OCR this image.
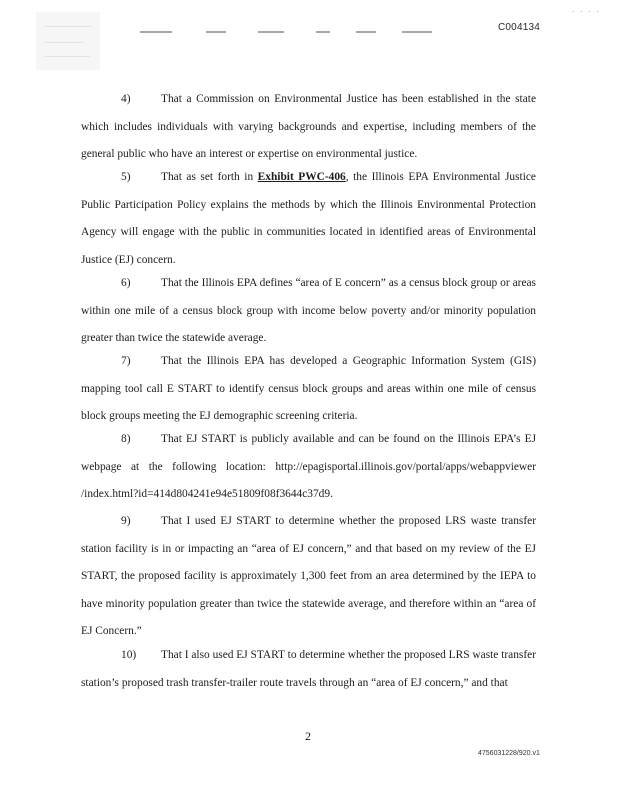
· · · ·
C004134

4)	That a Commission on Environmental Justice has been established in the state which includes individuals with varying backgrounds and expertise, including members of the general public who have an interest or expertise on environmental justice.

5)	That as set forth in Exhibit PWC-406, the Illinois EPA Environmental Justice Public Participation Policy explains the methods by which the Illinois Environmental Protection Agency will engage with the public in communities located in identified areas of Environmental Justice (EJ) concern.

6)	That the Illinois EPA defines “area of E concern” as a census block group or areas within one mile of a census block group with income below poverty and/or minority population greater than twice the statewide average.

7)	That the Illinois EPA has developed a Geographic Information System (GIS) mapping tool call E START to identify census block groups and areas within one mile of census block groups meeting the EJ demographic screening criteria.

8)	That EJ START is publicly available and can be found on the Illinois EPA’s EJ webpage at the following location: http://epagisportal.illinois.gov/portal/apps/webappviewer /index.html?id=414d804241e94e51809f08f3644c37d9.

9)	That I used EJ START to determine whether the proposed LRS waste transfer station facility is in or impacting an “area of EJ concern,” and that based on my review of the EJ START, the proposed facility is approximately 1,300 feet from an area determined by the IEPA to have minority population greater than twice the statewide average, and therefore within an “area of EJ Concern.”

10) That I also used EJ START to determine whether the proposed LRS waste transfer station’s proposed trash transfer-trailer route travels through an “area of EJ concern,” and that

2
4756031228/920.v1
